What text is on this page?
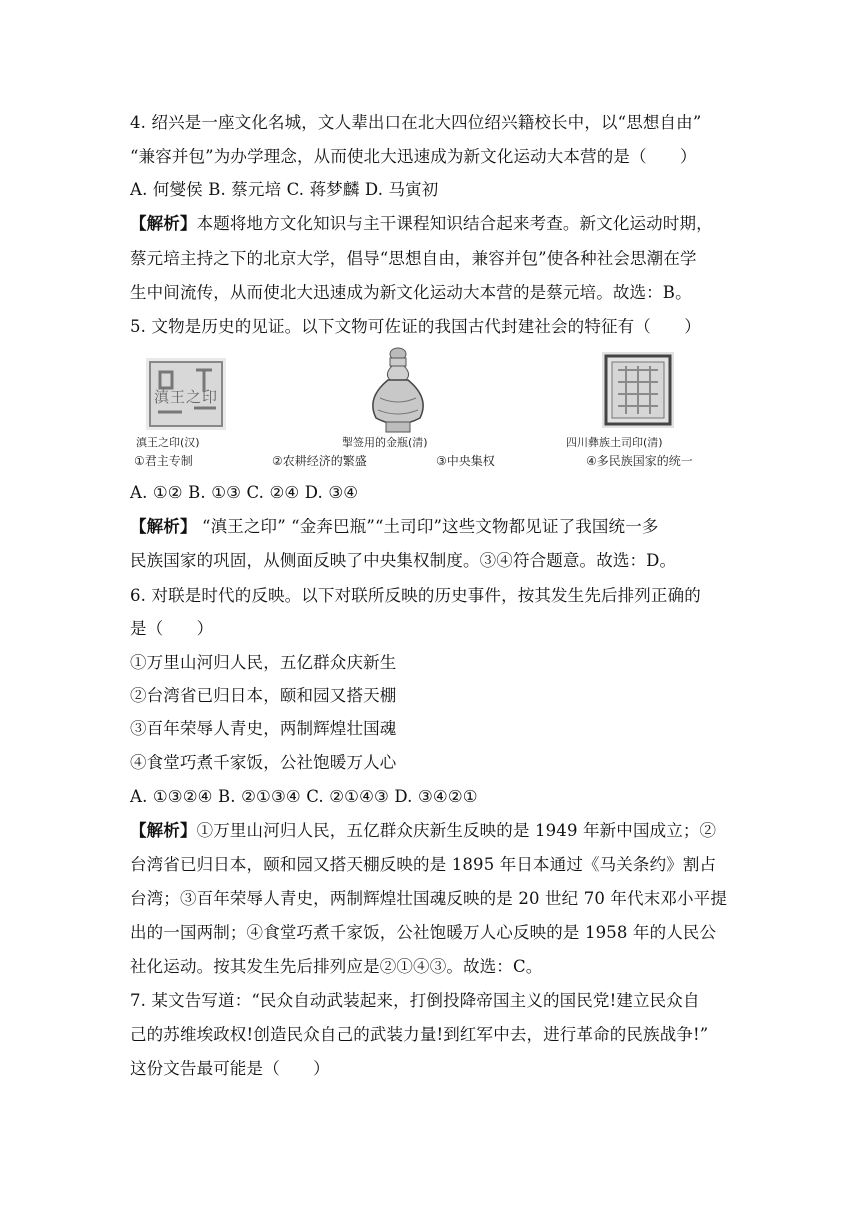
4. 绍兴是一座文化名城，文人辈出口在北大四位绍兴籍校长中，以“思想自由”
“兼容并包”为办学理念，从而使北大迅速成为新文化运动大本营的是（　　）
A. 何燮侯 B. 蔡元培 C. 蒋梦麟 D. 马寅初
【解析】本题将地方文化知识与主干课程知识结合起来考查。新文化运动时期，
蔡元培主持之下的北京大学，倡导“思想自由，兼容并包”使各种社会思潮在学
生中间流传，从而使北大迅速成为新文化运动大本营的是蔡元培。故选：B。
5. 文物是历史的见证。以下文物可佐证的我国古代封建社会的特征有（　　）
滇王之印
滇王之印(汉)	掣签用的金瓶(清)	四川彝族土司印(清)
①君主专制	②农耕经济的繁盛	③中央集权	④多民族国家的统一
A. ①② B. ①③ C. ②④ D. ③④
【解析】 “滇王之印” “金奔巴瓶”“土司印”这些文物都见证了我国统一多
民族国家的巩固，从侧面反映了中央集权制度。③④符合题意。故选：D。
6. 对联是时代的反映。以下对联所反映的历史事件，按其发生先后排列正确的
是（　　）
①万里山河归人民，五亿群众庆新生
②台湾省已归日本，颐和园又搭天棚
③百年荣辱人青史，两制辉煌壮国魂
④食堂巧煮千家饭，公社饱暖万人心
A. ①③②④ B. ②①③④ C. ②①④③ D. ③④②①
【解析】①万里山河归人民，五亿群众庆新生反映的是 1949 年新中国成立；②
台湾省已归日本，颐和园又搭天棚反映的是 1895 年日本通过《马关条约》割占
台湾；③百年荣辱人青史，两制辉煌壮国魂反映的是 20 世纪 70 年代末邓小平提
出的一国两制；④食堂巧煮千家饭，公社饱暖万人心反映的是 1958 年的人民公
社化运动。按其发生先后排列应是②①④③。故选：C。
7. 某文告写道：“民众自动武装起来，打倒投降帝国主义的国民党!建立民众自
己的苏维埃政权!创造民众自己的武装力量!到红军中去，进行革命的民族战争!”
这份文告最可能是（　　）
